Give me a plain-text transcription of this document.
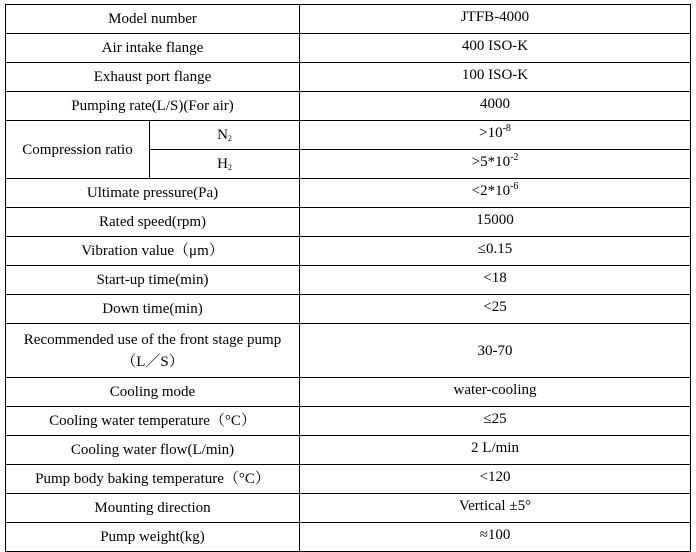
Model number		JTFB-4000
Air intake flange		400 ISO-K
Exhaust port flange		100 ISO-K
Pumping rate(L/S)(For air)		4000
Compression ratio	$N_2$	$>10^{-8}$
	$H_2$	$>5*10^{-2}$
Ultimate pressure(Pa)		$<2*10^{-6}$
Rated speed(rpm)		15000
Vibration value（μm）		≤0.15
Start-up time(min)		<18
Down time(min)		<25
Recommended use of the front stage pump（L／S）		30-70
Cooling mode		water-cooling
Cooling water temperature（°C）		≤25
Cooling water flow(L/min)		2 L/min
Pump body baking temperature（°C）		<120
Mounting direction		Vertical ±5°
Pump weight(kg)		≈100
